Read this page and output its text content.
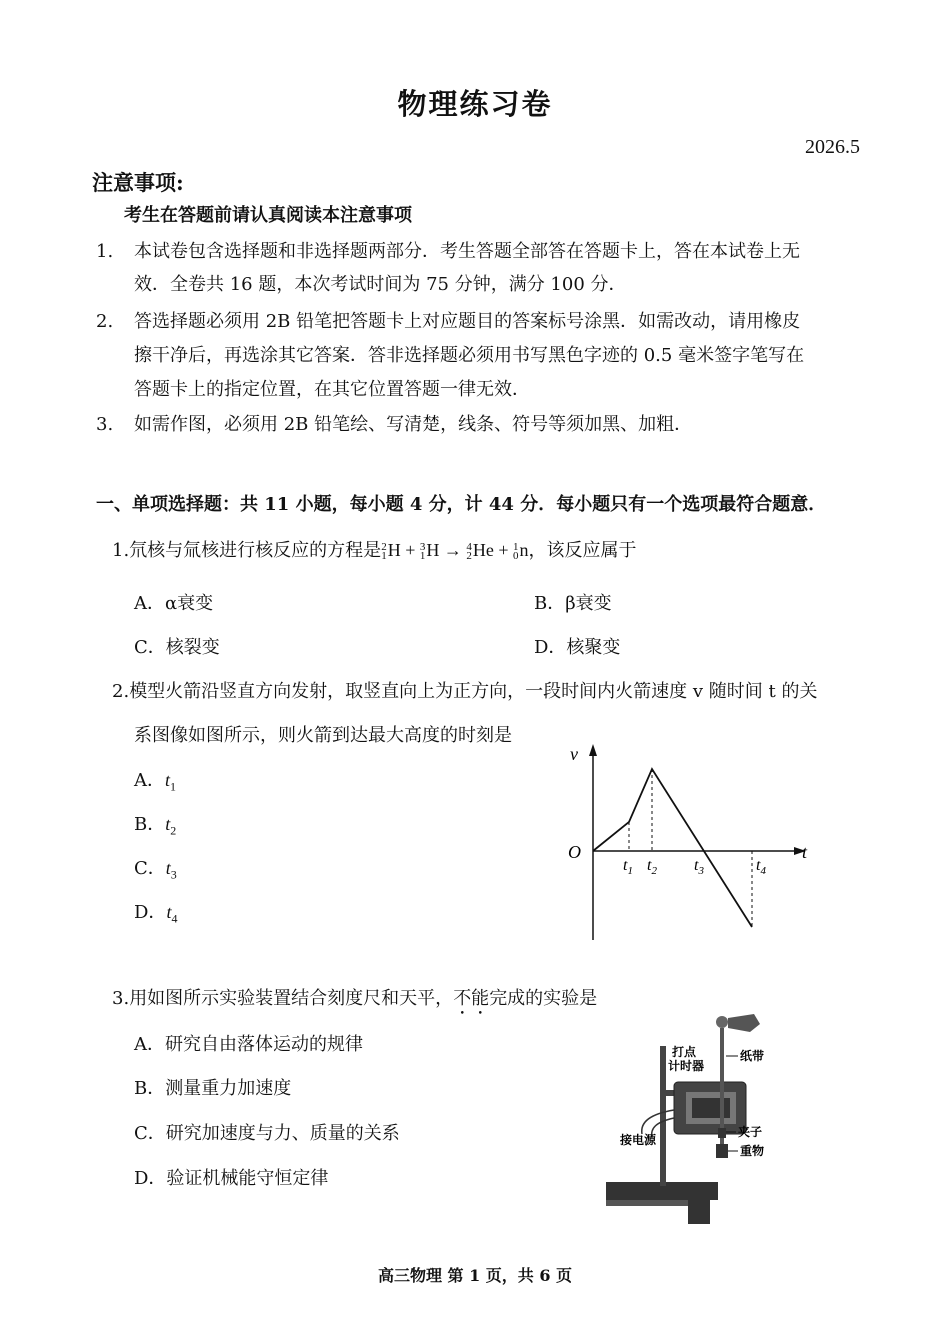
物理练习卷
2026.5
注意事项:
考生在答题前请认真阅读本注意事项
1. 本试卷包含选择题和非选择题两部分．考生答题全部答在答题卡上，答在本试卷上无
效．全卷共 16 题，本次考试时间为 75 分钟，满分 100 分．
2. 答选择题必须用 2B 铅笔把答题卡上对应题目的答案标号涂黑．如需改动，请用橡皮
擦干净后，再选涂其它答案．答非选择题必须用书写黑色字迹的 0.5 毫米签字笔写在
答题卡上的指定位置，在其它位置答题一律无效．
3. 如需作图，必须用 2B 铅笔绘、写清楚，线条、符号等须加黑、加粗．
一、单项选择题：共 11 小题，每小题 4 分，计 44 分．每小题只有一个选项最符合题意．
1.氘核与氚核进行核反应的方程是 2
1 H + 3
1 H → 4
2 He + 1
0 n，该反应属于
A．α衰变	B．β衰变
C．核裂变	D．核聚变
2.模型火箭沿竖直方向发射，取竖直向上为正方向，一段时间内火箭速度 v 随时间 t 的关
系图像如图所示，则火箭到达最大高度的时刻是
A．$t_1$
B．$t_2$
C．$t_3$
D．$t_4$
v
t
O
$t_1$ $t_2$ $t_3$	$t_4$
3.用如图所示实验装置结合刻度尺和天平，不能完成的实验是
A．研究自由落体运动的规律
B．测量重力加速度
C．研究加速度与力、质量的关系
D．验证机械能守恒定律
打点
计时器
纸带
接电源
夹子
重物
高三物理 第 1 页，共 6 页
